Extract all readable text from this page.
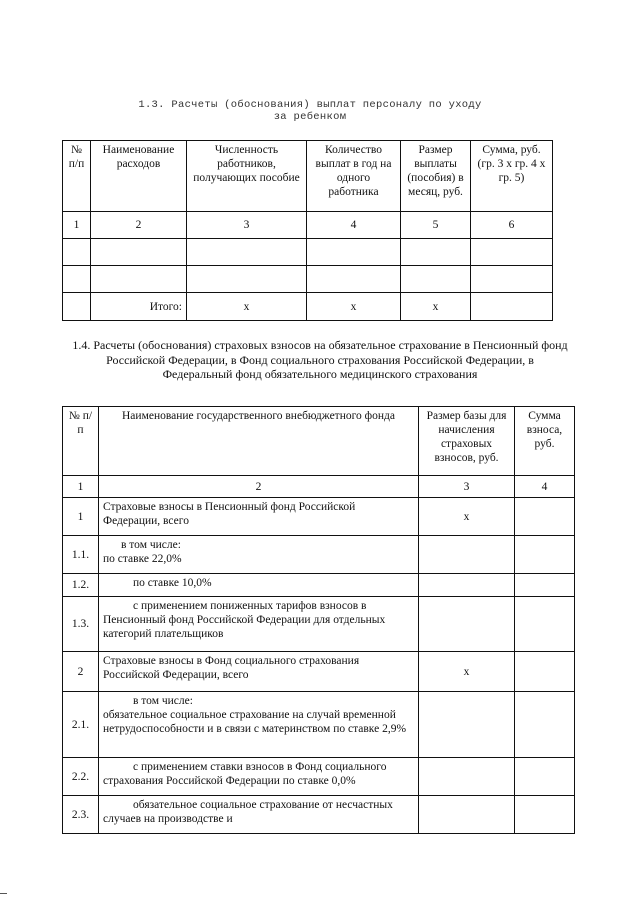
1.3. Расчеты (обоснования) выплат персоналу по уходу
за ребенком
№ п/п	Наименование расходов	Численность работников, получающих пособие	Количество выплат в год на одного работника	Размер выплаты (пособия) в месяц, руб.	Сумма, руб. (гр. 3 х гр. 4 х гр. 5)
1	2	3	4	5	6

	Итого:	х	х	х	
1.4. Расчеты (обоснования) страховых взносов на обязательное страхование в Пенсионный фонд Российской Федерации, в Фонд социального страхования Российской Федерации, в Федеральный фонд обязательного медицинского страхования
№ п/п	Наименование государственного внебюджетного фонда	Размер базы для начисления страховых взносов, руб.	Сумма взноса, руб.
1	2	3	4
1	Страховые взносы в Пенсионный фонд Российской Федерации, всего	х	
1.1.	в том числе:
по ставке 22,0%		
1.2.	по ставке 10,0%		
1.3.	с применением пониженных тарифов взносов в Пенсионный фонд Российской Федерации для отдельных категорий плательщиков		
2	Страховые взносы в Фонд социального страхования Российской Федерации, всего	х	
2.1.	в том числе:
обязательное социальное страхование на случай временной нетрудоспособности и в связи с материнством по ставке 2,9%		
2.2.	с применением ставки взносов в Фонд социального страхования Российской Федерации по ставке 0,0%		
2.3.	обязательное социальное страхование от несчастных случаев на производстве и		
